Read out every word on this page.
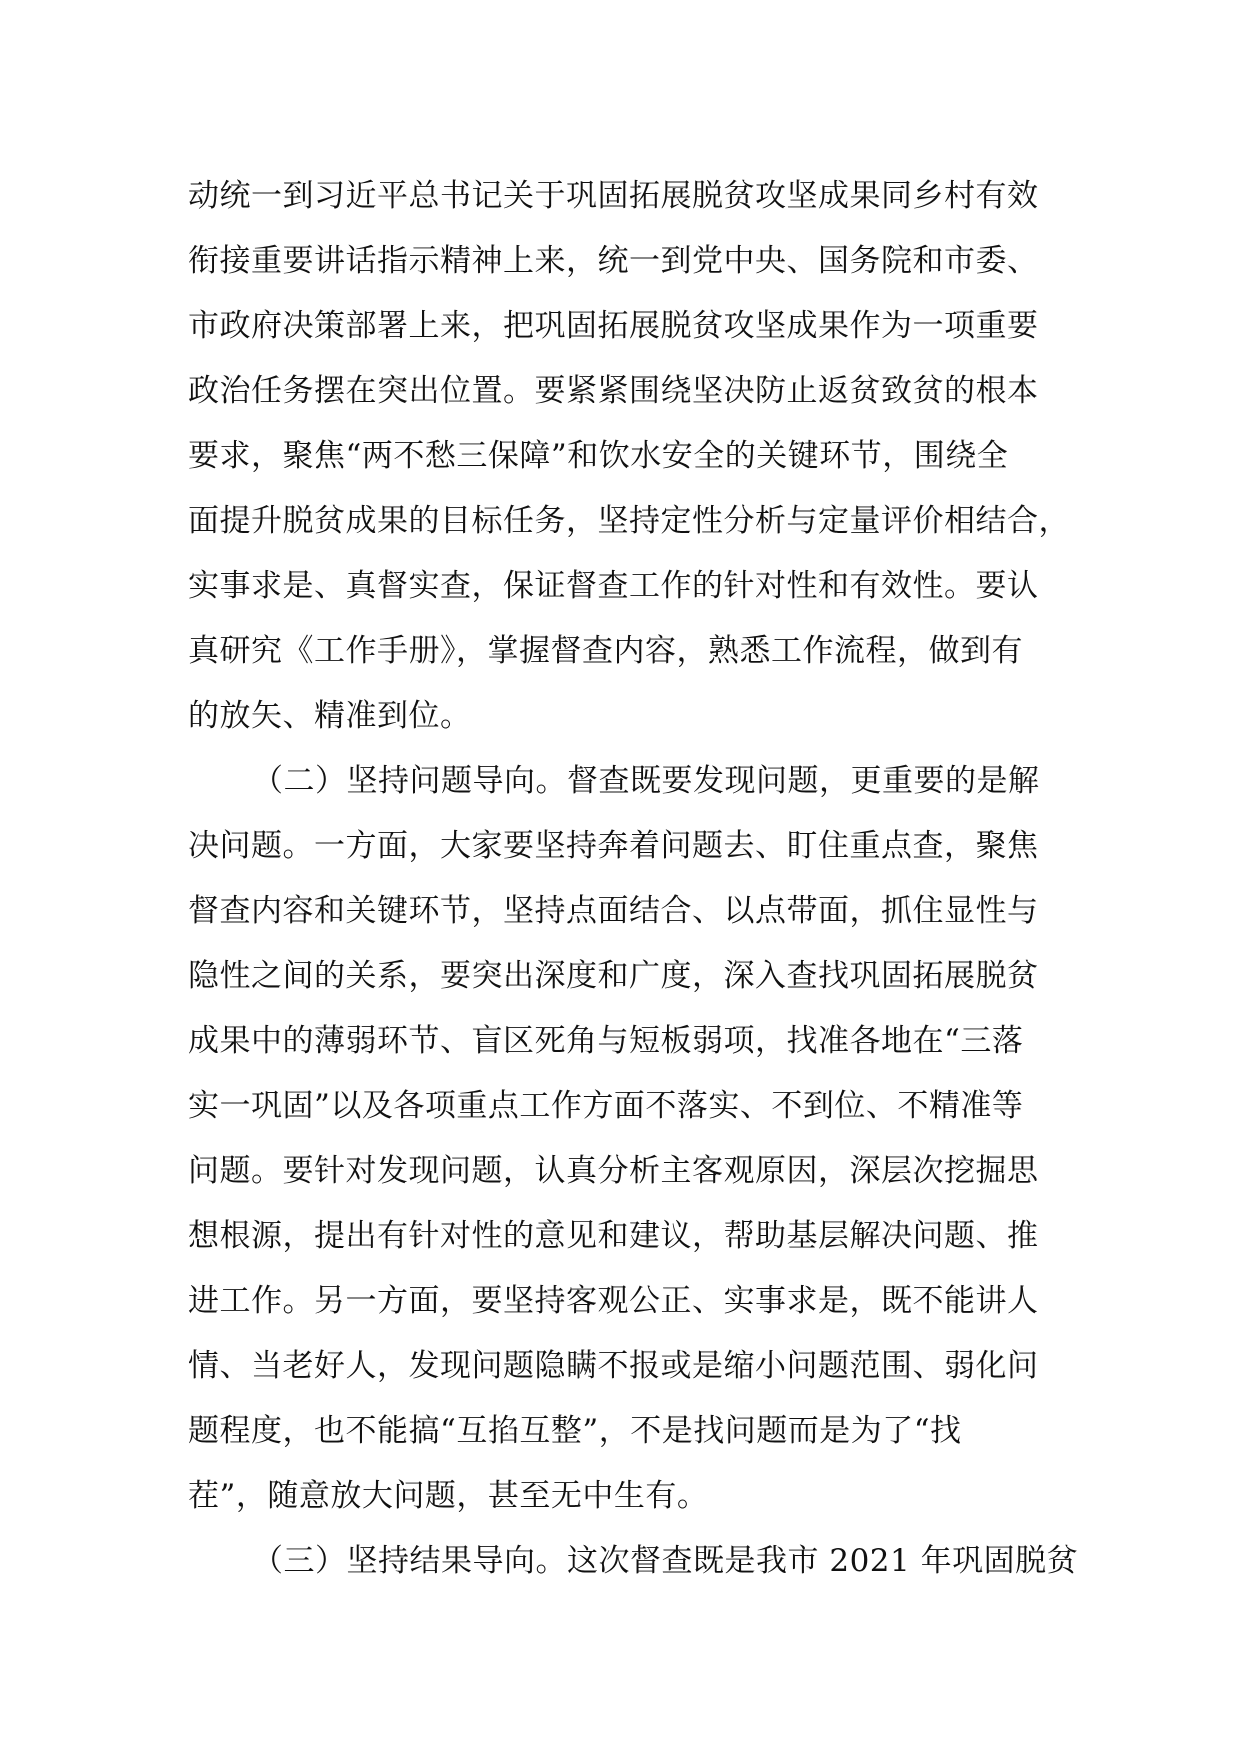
动统一到习近平总书记关于巩固拓展脱贫攻坚成果同乡村有效
衔接重要讲话指示精神上来，统一到党中央、国务院和市委、
市政府决策部署上来，把巩固拓展脱贫攻坚成果作为一项重要
政治任务摆在突出位置。要紧紧围绕坚决防止返贫致贫的根本
要求，聚焦“两不愁三保障”和饮水安全的关键环节，围绕全
面提升脱贫成果的目标任务，坚持定性分析与定量评价相结合，
实事求是、真督实查，保证督查工作的针对性和有效性。要认
真研究《工作手册》，掌握督查内容，熟悉工作流程，做到有
的放矢、精准到位。
（二）坚持问题导向。督查既要发现问题，更重要的是解
决问题。一方面，大家要坚持奔着问题去、盯住重点查，聚焦
督查内容和关键环节，坚持点面结合、以点带面，抓住显性与
隐性之间的关系，要突出深度和广度，深入查找巩固拓展脱贫
成果中的薄弱环节、盲区死角与短板弱项，找准各地在“三落
实一巩固”以及各项重点工作方面不落实、不到位、不精准等
问题。要针对发现问题，认真分析主客观原因，深层次挖掘思
想根源，提出有针对性的意见和建议，帮助基层解决问题、推
进工作。另一方面，要坚持客观公正、实事求是，既不能讲人
情、当老好人，发现问题隐瞒不报或是缩小问题范围、弱化问
题程度，也不能搞“互掐互整”，不是找问题而是为了“找
茬”，随意放大问题，甚至无中生有。
（三）坚持结果导向。这次督查既是我市 2021 年巩固脱贫
